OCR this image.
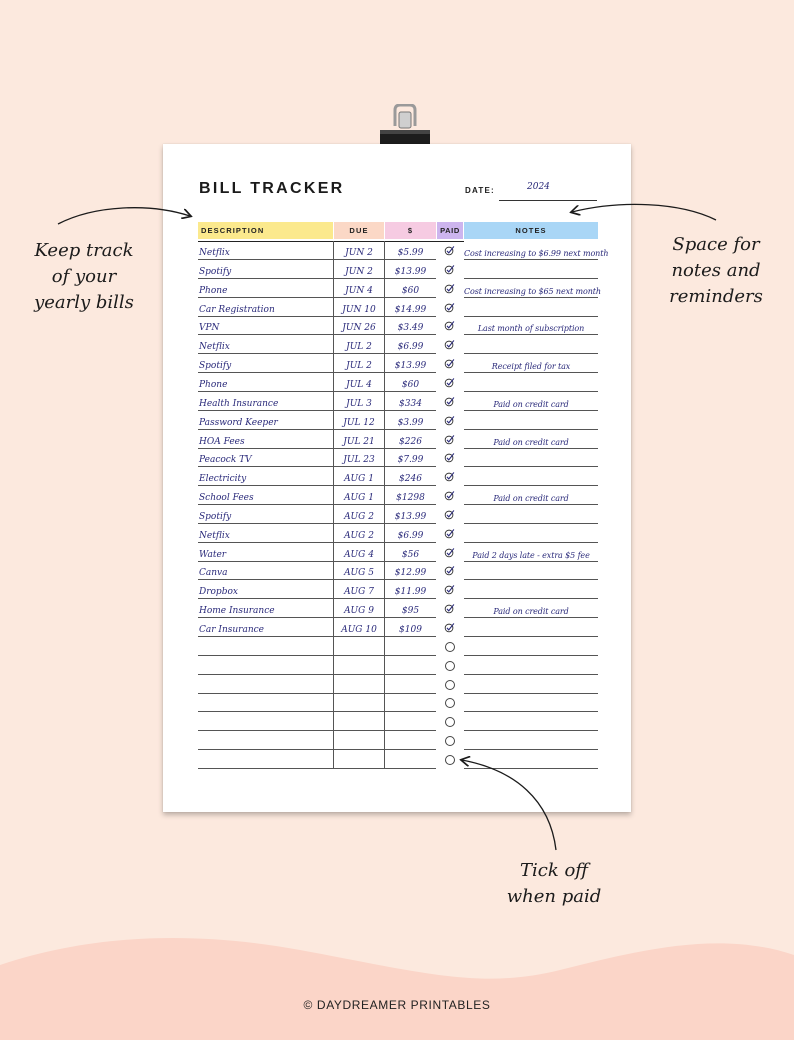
BILL TRACKER	DATE:	2024
DESCRIPTION	DUE	$	PAID	NOTES
Netflix	JUN 2	$5.99	Cost increasing to $6.99 next month
Spotify	JUN 2	$13.99
Phone	JUN 4	$60	Cost increasing to $65 next month
Car Registration	JUN 10	$14.99
VPN	JUN 26	$3.49	Last month of subscription
Netflix	JUL 2	$6.99
Spotify	JUL 2	$13.99	Receipt filed for tax
Phone	JUL 4	$60
Health Insurance	JUL 3	$334	Paid on credit card
Password Keeper	JUL 12	$3.99
HOA Fees	JUL 21	$226	Paid on credit card
Peacock TV	JUL 23	$7.99
Electricity	AUG 1	$246
School Fees	AUG 1	$1298	Paid on credit card
Spotify	AUG 2	$13.99
Netflix	AUG 2	$6.99
Water	AUG 4	$56	Paid 2 days late - extra $5 fee
Canva	AUG 5	$12.99
Dropbox	AUG 7	$11.99
Home Insurance	AUG 9	$95	Paid on credit card
Car Insurance	AUG 10	$109
Keep track
of your
yearly bills
Space for
notes and
reminders
Tick off
when paid
© DAYDREAMER PRINTABLES
